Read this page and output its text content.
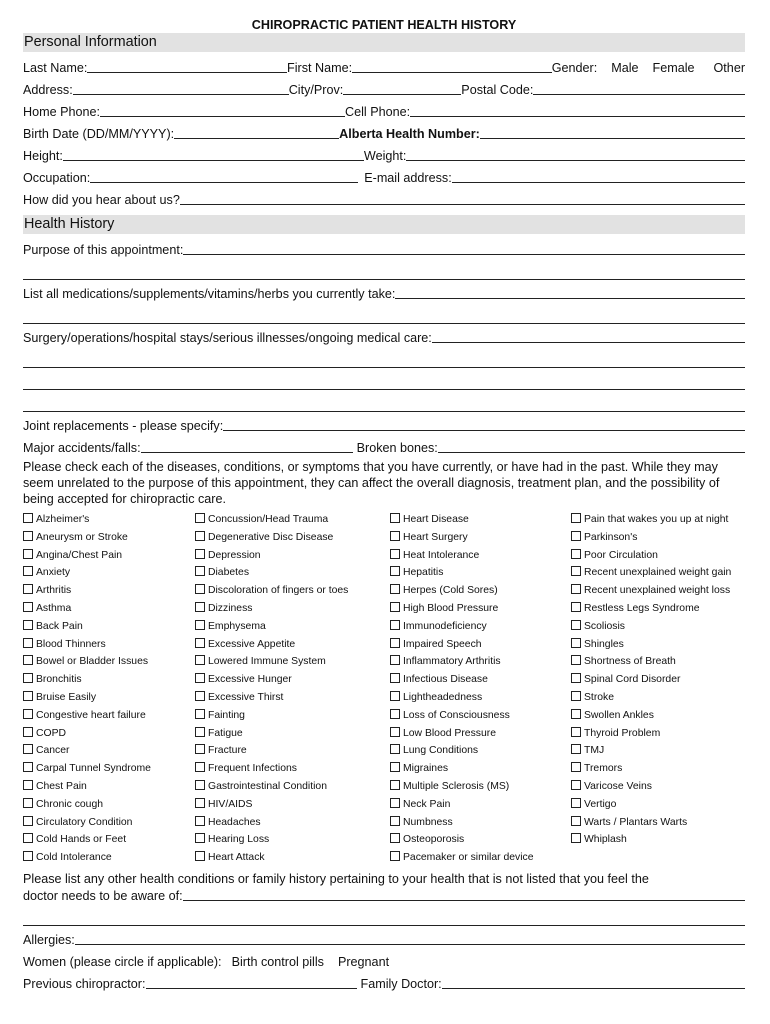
CHIROPRACTIC PATIENT HEALTH HISTORY
Personal Information
Last Name:	First Name:	Gender: Male Female Other
Address:	City/Prov:	Postal Code:
Home Phone:	Cell Phone:
Birth Date (DD/MM/YYYY):	Alberta Health Number:
Height:	Weight:
Occupation:	E-mail address:
How did you hear about us?
Health History
Purpose of this appointment:
List all medications/supplements/vitamins/herbs you currently take:
Surgery/operations/hospital stays/serious illnesses/ongoing medical care:
Joint replacements - please specify:
Major accidents/falls:	Broken bones:
Please check each of the diseases, conditions, or symptoms that you have currently, or have had in the past. While they may seem unrelated to the purpose of this appointment, they can affect the overall diagnosis, treatment plan, and the possibility of being accepted for chiropractic care.
Alzheimer's
Aneurysm or Stroke
Angina/Chest Pain
Anxiety
Arthritis
Asthma
Back Pain
Blood Thinners
Bowel or Bladder Issues
Bronchitis
Bruise Easily
Congestive heart failure
COPD
Cancer
Carpal Tunnel Syndrome
Chest Pain
Chronic cough
Circulatory Condition
Cold Hands or Feet
Cold Intolerance
Concussion/Head Trauma
Degenerative Disc Disease
Depression
Diabetes
Discoloration of fingers or toes
Dizziness
Emphysema
Excessive Appetite
Lowered Immune System
Excessive Hunger
Excessive Thirst
Fainting
Fatigue
Fracture
Frequent Infections
Gastrointestinal Condition
HIV/AIDS
Headaches
Hearing Loss
Heart Attack
Heart Disease
Heart Surgery
Heat Intolerance
Hepatitis
Herpes (Cold Sores)
High Blood Pressure
Immunodeficiency
Impaired Speech
Inflammatory Arthritis
Infectious Disease
Lightheadedness
Loss of Consciousness
Low Blood Pressure
Lung Conditions
Migraines
Multiple Sclerosis (MS)
Neck Pain
Numbness
Osteoporosis
Pacemaker or similar device
Pain that wakes you up at night
Parkinson's
Poor Circulation
Recent unexplained weight gain
Recent unexplained weight loss
Restless Legs Syndrome
Scoliosis
Shingles
Shortness of Breath
Spinal Cord Disorder
Stroke
Swollen Ankles
Thyroid Problem
TMJ
Tremors
Varicose Veins
Vertigo
Warts / Plantars Warts
Whiplash
Please list any other health conditions or family history pertaining to your health that is not listed that you feel the
doctor needs to be aware of:
Allergies:
Women (please circle if applicable): Birth control pills Pregnant
Previous chiropractor:	Family Doctor:
